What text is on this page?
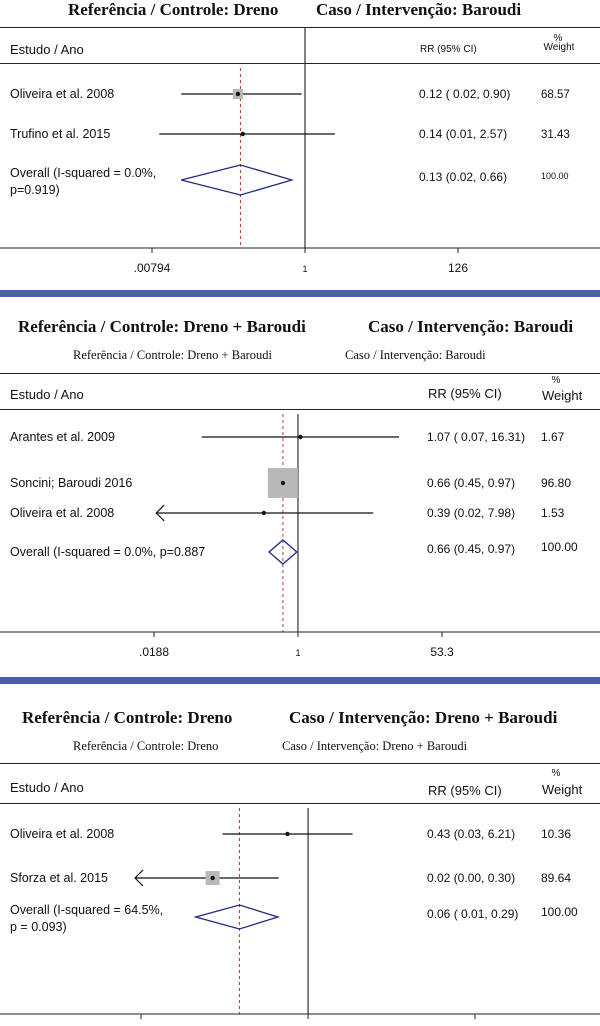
Referência / Controle: Dreno Caso / Intervenção: Baroudi
Estudo / Ano	RR (95% CI)
%
Weight
Oliveira et al. 2008	0.12 ( 0.02, 0.90)	68.57
Trufino et al. 2015	0.14 (0.01, 2.57)	31.43
Overall (I-squared = 0.0%,
p=0.919)
0.13 (0.02, 0.66)	100.00
.00794	1	126
Referência / Controle: Dreno + Baroudi	Caso / Intervenção: Baroudi
Referência / Controle: Dreno + Baroudi	Caso / Intervenção: Baroudi
Estudo / Ano	RR (95% CI)
%
Weight
Arantes et al. 2009	1.07 ( 0.07, 16.31) 1.67
Soncini; Baroudi 2016	0.66 (0.45, 0.97) 96.80
Oliveira et al. 2008	0.39 (0.02, 7.98) 1.53
Overall (I-squared = 0.0%, p=0.887	0.66 (0.45, 0.97) 100.00
.0188	1	53.3
Referência / Controle: Dreno	Caso / Intervenção: Dreno + Baroudi
Referência / Controle: Dreno	Caso / Intervenção: Dreno + Baroudi
Estudo / Ano	RR (95% CI)
%
Weight
Oliveira et al. 2008	0.43 (0.03, 6.21) 10.36
Sforza et al. 2015	0.02 (0.00, 0.30) 89.64
Overall (I-squared = 64.5%,
p = 0.093)
0.06 ( 0.01, 0.29) 100.00
